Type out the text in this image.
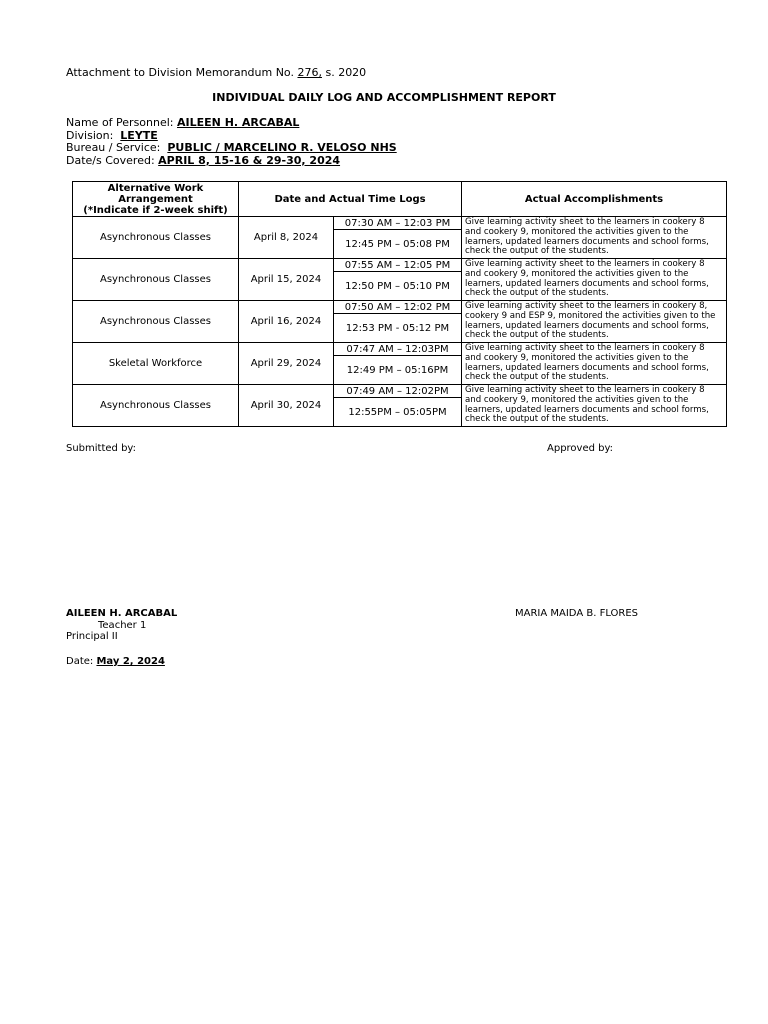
Attachment to Division Memorandum No. 276, s. 2020
INDIVIDUAL DAILY LOG AND ACCOMPLISHMENT REPORT
Name of Personnel: AILEEN H. ARCABAL
Division:  LEYTE
Bureau / Service:  PUBLIC / MARCELINO R. VELOSO NHS
Date/s Covered: APRIL 8, 15-16 & 29-30, 2024
Alternative Work Arrangement
(*Indicate if 2-week shift)	Date and Actual Time Logs		Actual Accomplishments
Asynchronous Classes	April 8, 2024	07:30 AM – 12:03 PM	Give learning activity sheet to the learners in cookery 8 and cookery 9, monitored the activities given to the learners, updated learners documents and school forms, check the output of the students.
		12:45 PM – 05:08 PM	
Asynchronous Classes	April 15, 2024	07:55 AM – 12:05 PM	Give learning activity sheet to the learners in cookery 8 and cookery 9, monitored the activities given to the learners, updated learners documents and school forms, check the output of the students.
		12:50 PM – 05:10 PM	
Asynchronous Classes	April 16, 2024	07:50 AM – 12:02 PM	Give learning activity sheet to the learners in cookery 8, cookery 9 and ESP 9, monitored the activities given to the learners, updated learners documents and school forms, check the output of the students.
		12:53 PM - 05:12 PM	
Skeletal Workforce	April 29, 2024	07:47 AM – 12:03PM	Give learning activity sheet to the learners in cookery 8 and cookery 9, monitored the activities given to the learners, updated learners documents and school forms, check the output of the students.
		12:49 PM – 05:16PM	
Asynchronous Classes	April 30, 2024	07:49 AM – 12:02PM	Give learning activity sheet to the learners in cookery 8 and cookery 9, monitored the activities given to the learners, updated learners documents and school forms, check the output of the students.
		12:55PM – 05:05PM	
Submitted by:	Approved by:
AILEEN H. ARCABAL	MARIA MAIDA B. FLORES
Teacher 1
Principal II
Date: May 2, 2024
